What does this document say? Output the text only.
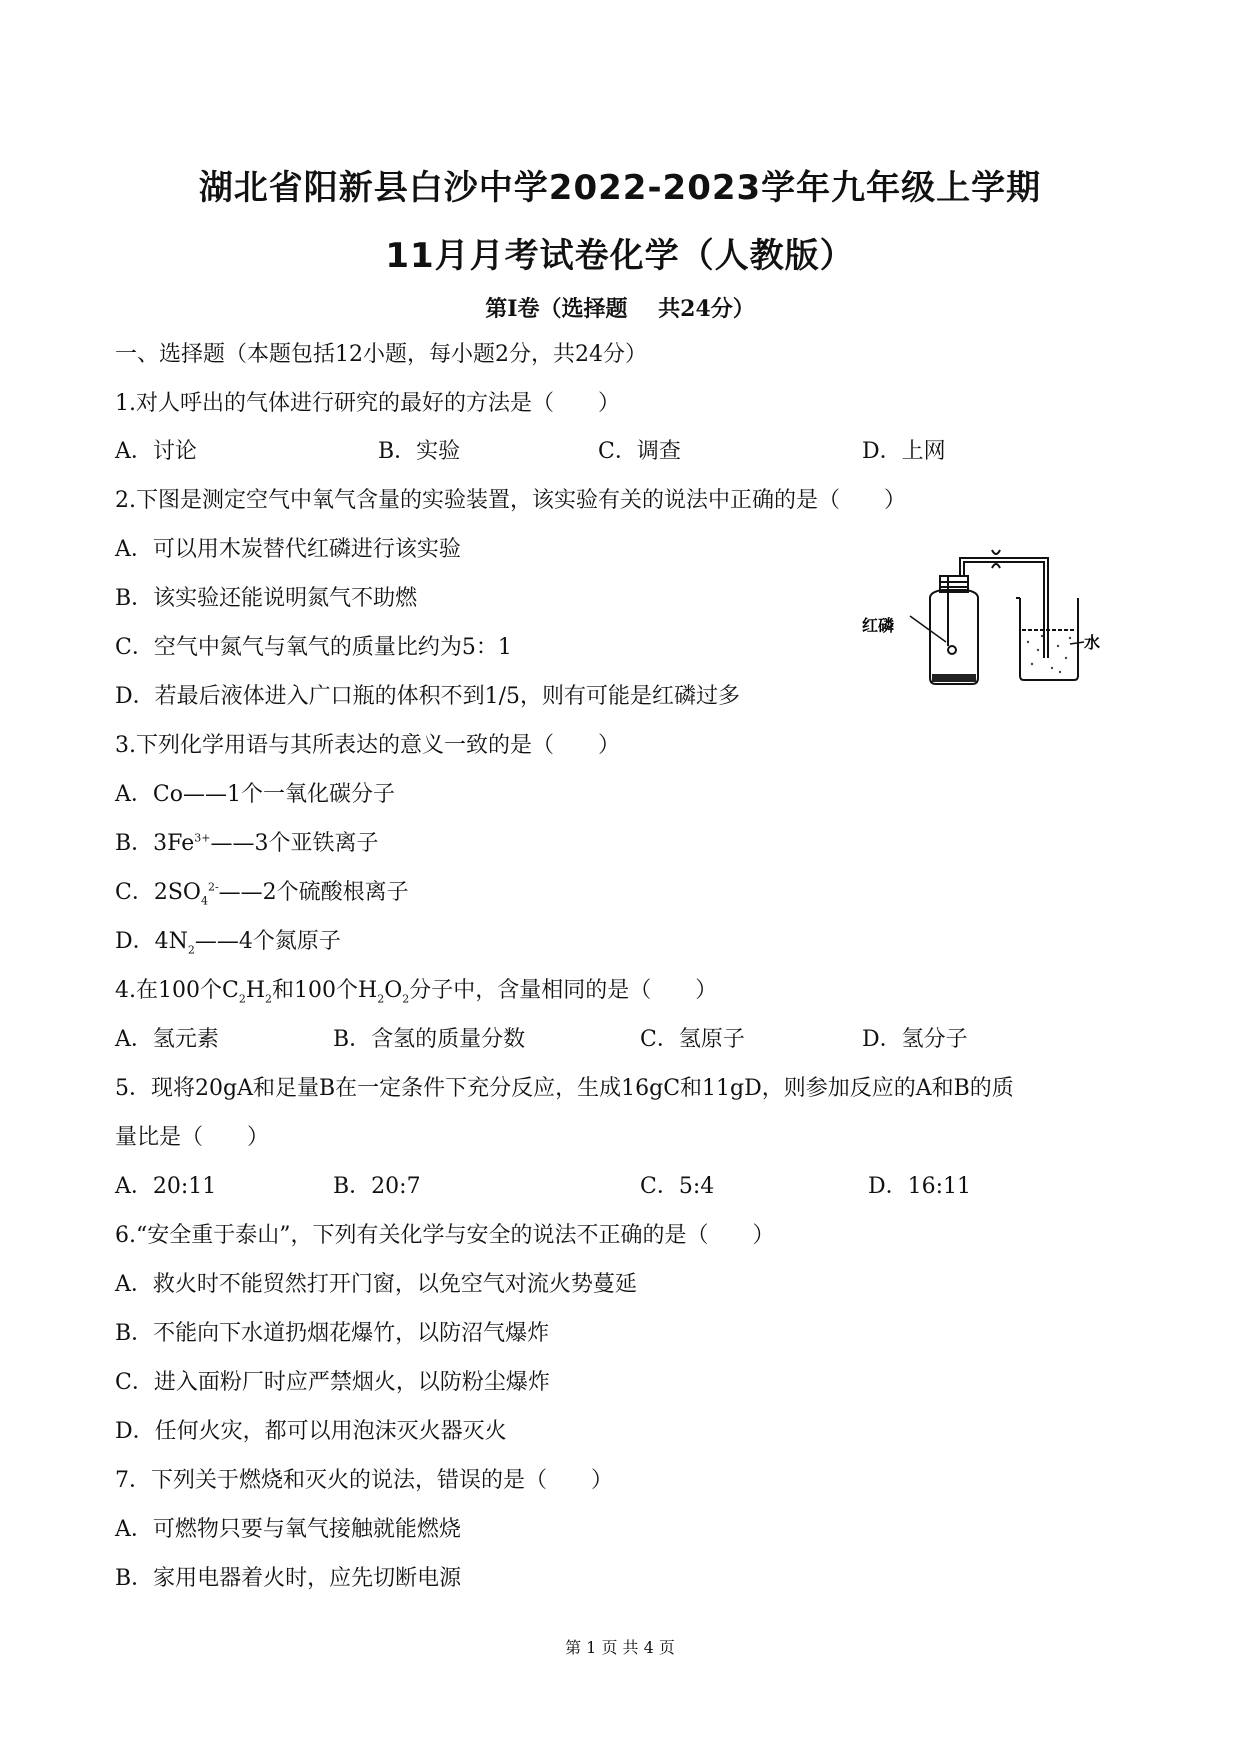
湖北省阳新县白沙中学2022-2023学年九年级上学期
11月月考试卷化学（人教版）

第Ⅰ卷（选择题    共24分）

一、选择题（本题包括12小题，每小题2分，共24分）

1.对人呼出的气体进行研究的最好的方法是（　　）

A．讨论	B．实验	C．调查	D．上网

2.下图是测定空气中氧气含量的实验装置，该实验有关的说法中正确的是（　　）

A．可以用木炭替代红磷进行该实验

B．该实验还能说明氮气不助燃

C．空气中氮气与氧气的质量比约为5：1

D．若最后液体进入广口瓶的体积不到1/5，则有可能是红磷过多

红磷
水

3.下列化学用语与其所表达的意义一致的是（　　）

A．Co——1个一氧化碳分子

B．$3Fe^{3+}——3$个亚铁离子

C．$2SO_4^{2-}——2$个硫酸根离子

D．$4N_2——4$个氮原子

4.在100个$C_2H_2$和100个$H_2O_2$分子中，含量相同的是（　　）

A．氢元素	B．含氢的质量分数	C．氢原子	D．氢分子

5．现将20gA和足量B在一定条件下充分反应，生成16gC和11gD，则参加反应的A和B的质

量比是（　　）

A．20:11	B．20:7	C．5:4	D．16:11

6.“安全重于泰山”，下列有关化学与安全的说法不正确的是（　　）

A．救火时不能贸然打开门窗，以免空气对流火势蔓延

B．不能向下水道扔烟花爆竹，以防沼气爆炸

C．进入面粉厂时应严禁烟火，以防粉尘爆炸

D．任何火灾，都可以用泡沫灭火器灭火

7．下列关于燃烧和灭火的说法，错误的是（　　）

A．可燃物只要与氧气接触就能燃烧

B．家用电器着火时，应先切断电源

第 1 页 共 4 页
